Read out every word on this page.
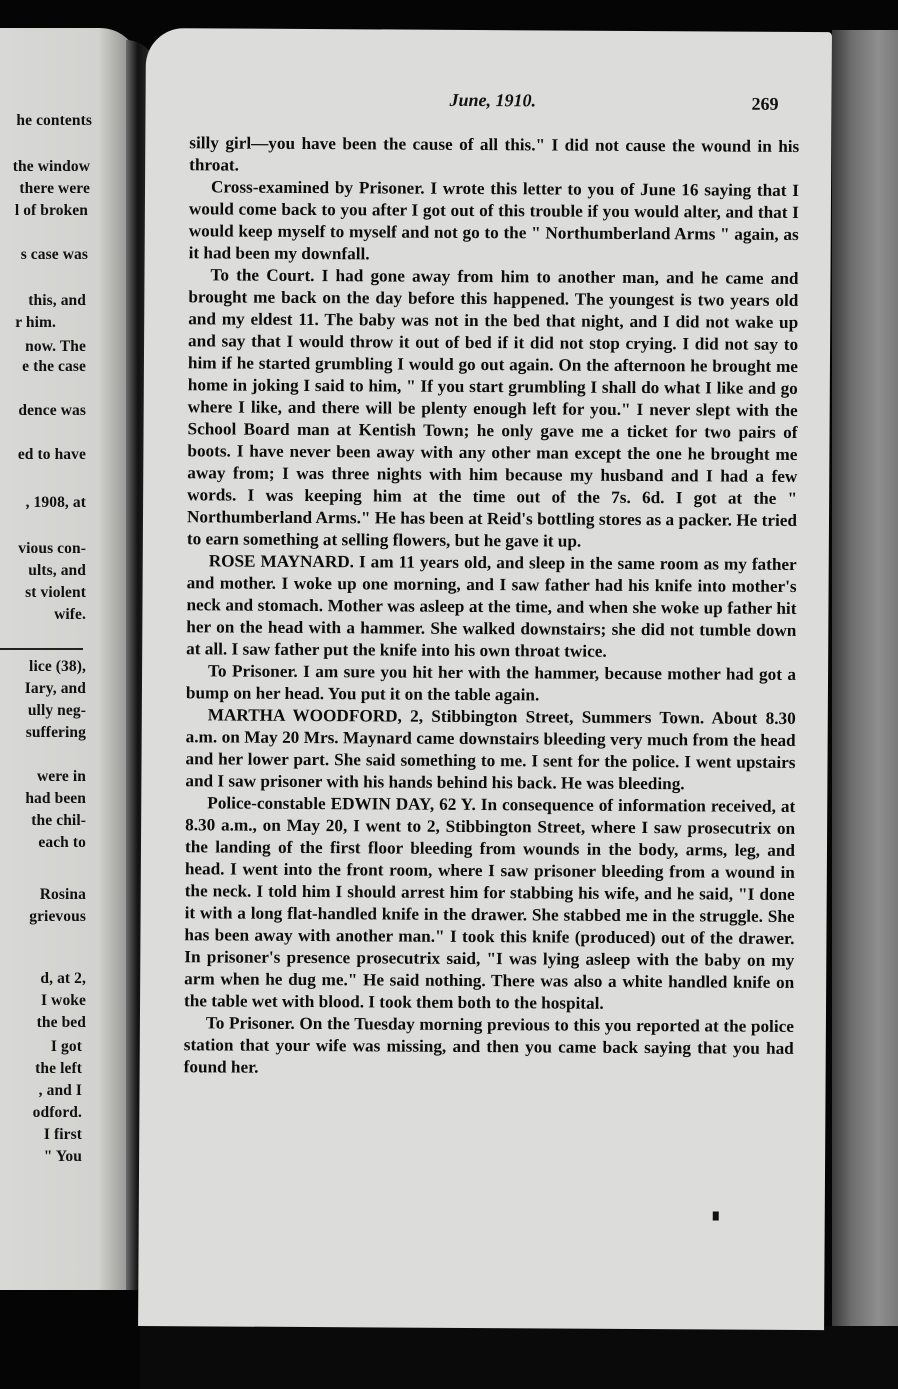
he contents
the window
there were
l of broken
s case was
this, and
r him.
now. The
e the case
dence was
ed to have
, 1908, at
vious con-
ults, and
st violent
wife.
lice (38),
Iary, and
ully neg-
suffering
were in
had been
the chil-
each to
Rosina
grievous
d, at 2,
I woke
the bed
I got
the left
, and I
odford.
I first
" You
June, 1910.	269

silly girl—you have been the cause of all this." I did not cause the wound in his throat.

Cross-examined by Prisoner. I wrote this letter to you of June 16 saying that I would come back to you after I got out of this trouble if you would alter, and that I would keep myself to myself and not go to the " Northumberland Arms " again, as it had been my downfall.

To the Court. I had gone away from him to another man, and he came and brought me back on the day before this happened. The youngest is two years old and my eldest 11. The baby was not in the bed that night, and I did not wake up and say that I would throw it out of bed if it did not stop crying. I did not say to him if he started grumbling I would go out again. On the afternoon he brought me home in joking I said to him, " If you start grumbling I shall do what I like and go where I like, and there will be plenty enough left for you." I never slept with the School Board man at Kentish Town; he only gave me a ticket for two pairs of boots. I have never been away with any other man except the one he brought me away from; I was three nights with him because my husband and I had a few words. I was keeping him at the time out of the 7s. 6d. I got at the " Northumberland Arms." He has been at Reid's bottling stores as a packer. He tried to earn something at selling flowers, but he gave it up.

ROSE MAYNARD. I am 11 years old, and sleep in the same room as my father and mother. I woke up one morning, and I saw father had his knife into mother's neck and stomach. Mother was asleep at the time, and when she woke up father hit her on the head with a hammer. She walked downstairs; she did not tumble down at all. I saw father put the knife into his own throat twice.

To Prisoner. I am sure you hit her with the hammer, because mother had got a bump on her head. You put it on the table again.

MARTHA WOODFORD, 2, Stibbington Street, Summers Town. About 8.30 a.m. on May 20 Mrs. Maynard came downstairs bleeding very much from the head and her lower part. She said something to me. I sent for the police. I went upstairs and I saw prisoner with his hands behind his back. He was bleeding.

Police-constable EDWIN DAY, 62 Y. In consequence of information received, at 8.30 a.m., on May 20, I went to 2, Stibbington Street, where I saw prosecutrix on the landing of the first floor bleeding from wounds in the body, arms, leg, and head. I went into the front room, where I saw prisoner bleeding from a wound in the neck. I told him I should arrest him for stabbing his wife, and he said, "I done it with a long flat-handled knife in the drawer. She stabbed me in the struggle. She has been away with another man." I took this knife (produced) out of the drawer. In prisoner's presence prosecutrix said, "I was lying asleep with the baby on my arm when he dug me." He said nothing. There was also a white handled knife on the table wet with blood. I took them both to the hospital.

To Prisoner. On the Tuesday morning previous to this you reported at the police station that your wife was missing, and then you came back saying that you had found her.
